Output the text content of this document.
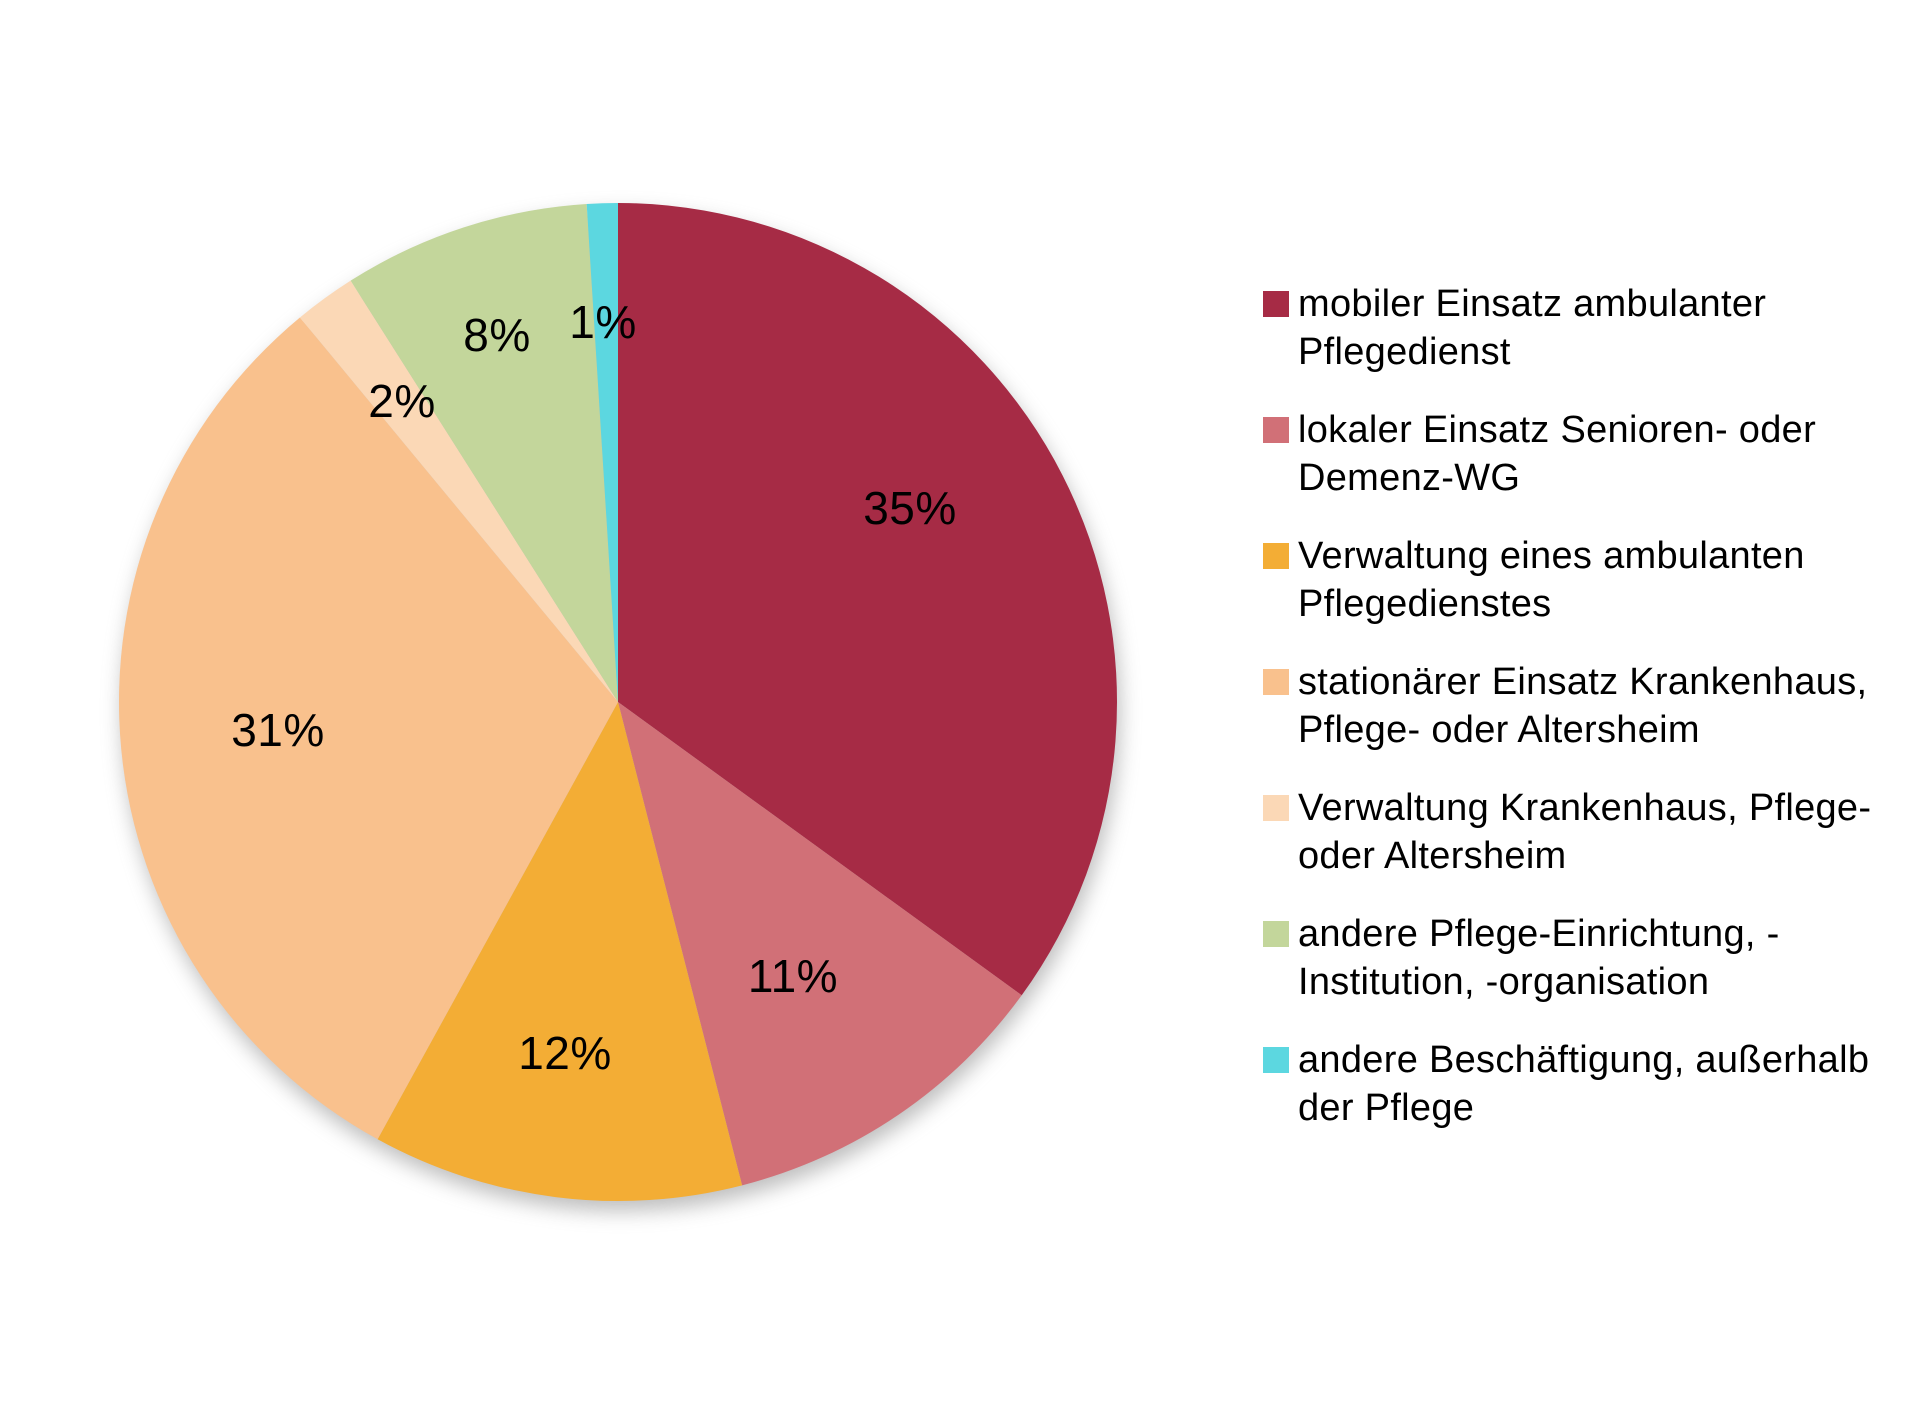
35%
11%
12%
31%
2%
8% 1%	mobiler Einsatz ambulanter
Pflegedienst
lokaler Einsatz Senioren- oder
Demenz-WG
Verwaltung eines ambulanten
Pflegedienstes
stationärer Einsatz Krankenhaus,
Pflege- oder Altersheim
Verwaltung Krankenhaus, Pflege-
oder Altersheim
andere Pflege-Einrichtung, -
Institution, -organisation
andere Beschäftigung, außerhalb
der Pflege
